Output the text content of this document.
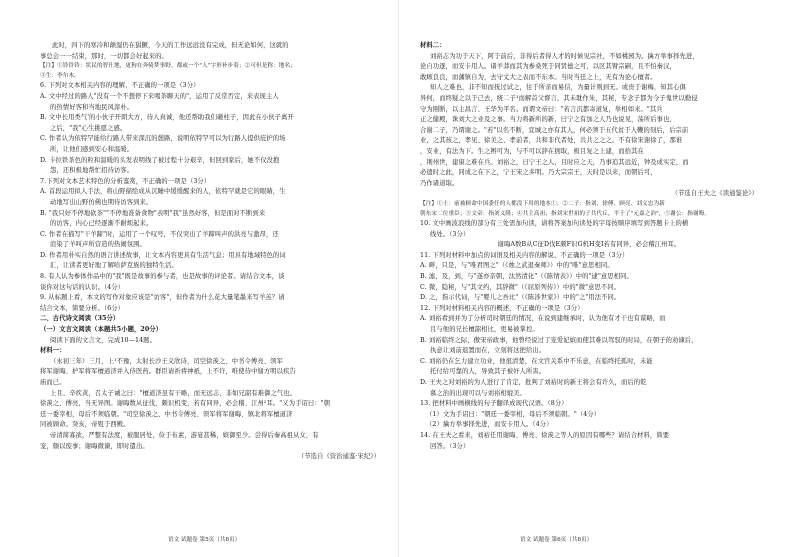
此时，四下的寒冷和颠湿仍在猖獗，今天的工作远远没有完成，但无论如何，这就的
事总会一一结束，那时，一切都会好起来的。
【注】①铃铃铃：状民的智仕地，更狗在奔骑梦事野，都或一个"人"字形补步着；②可但是称：地名；
③生：李尔木。
6. 下列对文本相关内容的理解，不正确的一项是（3分）
A. 文中经过的路人"没有一个不想停下来喝茶聊天的"，运用了反常否定，来表现主人
的热情好客和当地民风淳朴。
B. 文中长用类气'的小伙子开朗大方，待人真诚，他还帮助我们砸柱子，因此在小伙子离开
之后，"我"心生挑愿之感。
C. 作者认为依特罕能给行路人带来深沉的憩路，说明依特罕可以为行路人提供庇护的场
所，让他们感到安心和温暖。
D. 卡拉铁茶色的粒和温暖的头发表明线了被过程十分艰辛，但回到家后，她不仅没抱
怨，还积极地帮忙招待访客。
7.下列对文本艺术特色的分析鉴赏，不正确的一项是（3分）
A. 首段运用拟人手法，将山野描绘成从沉睡中缓缓醒来的人，依特罕就是它的眼睛，生
动地写出山野仿佛也期待访客到来。
B. "我只好不停地砍茶""不停地准备食物"表明"我"虽然好客，但是面对不断到来
的访客，内心已经逐渐不耐烦起来。
C. 作者在描写"干羊蹄"时，运用了一个叹号，不仅突出了羊蹄叫声的洪亮与激昂，还
渲染了羊叫声所营造的热闹氛围。
D. 作者用朴实自然的语言讲述故事，让文本内容更具有生活气息；用具有地域特色的词
汇，让读者更好地了解哈萨克族的独特生活。
8. 有人认为参体作品中的"我"既是故事的参与者，也是故事的评论者。请结合文本，谈
谈你对这句话的认识。（4分）
9. 从标题上看，本文的写作对象应该是"访客"，但作者为什么花大量笔墨来写羊羔？请
结合文本，简要分析。（6分）
二、古代诗文阅读（35分）
（一）文言文阅读（本题共5小题，20分）
阅读下面的文言文，完成10—14题。
材料一：
（永初三年）三月，上¹不豫，太射长沙王义欣诗，司空徐羡之、中书令傅亮、领军
将军谢晦、护军将军檀道济并入侍医药。群臣请祈祷神祇，上不许，唯使侍中谢方明以疾告
庙而已。
上且、辛疾黄，召太子诫之曰："檀道济虽有干略，而无远志，非如兄韶有难御之气也。
徐羡之、傅亮，当无异图。谢晦数从征伐，颇识机变，若有同异，必会稽、江州²耳。"又为手诏曰："朝
廷一委宰相，母后不须临朝。"司空徐羡之、中书令傅亮、领军将军谢晦、镇北将军檀道济
同被顾命。癸亥，帝殂于西殿。
帝清简寡欲，严整有法度，被服居处，俭于布素，游宴甚稀，嫔御至少。尝得后秦高祖从女，有
宠，颇以废事；谢晦微谏，即时遣出。
（节选自《资治通鉴·宋纪》）
语文 试题卷 第5页（共8页）
材料二：
刘裕志为功于天下，阿于前后，非得后者得人才的时候见宗社，不如桃园为。擒方举事择先进，
论自功逐，而安卡用人。诸羊莽而其为参桑死于同贤德之可，以区其臂宗嗣，且不怕秦汉，
敢顾良良，而藩镇自为，去守丈大之表而不东本。当时当廷之上，无有为论心擅者。
知人之难也，非不知而抚过试之，往于所亲而易信，为量计则到无。或贵于谢梅，知其心俱
异何，而终疑之以于己去，统二子¹而解首父督言，其未耽作朱，其秘，专念子都为今子鬼世以勤侵
守为刚断，以主昌言、王华为平名。而谓文帝曰："若言沉都寄道复，举相如来。"其兵
正之健殿，诛刘大之业及之事。当力将新所的新，曰宁之有加之人乃也说见，荡所后事也，
合谢二子，乃谓谢之。"若"以名不断，宣城之亦有其人，何必须于五代贫于人鞭的刻后，后宗前
业，之其孩之，孝见、徐美之、孝前者，共和非代者处，共共之之之。不有徐宋谢徐了，那谁
，安业，有法为下。生之辨可为，与不可以辞在拥取，极且复之上建，而拾其在
，荆州世，建康之难在兵。刘裕之，日宁王之人，且时应之天，乃事追其远近，钟及成实定，而
必遗时之此，同成之在下之，宁王宋之多明。乃大宗宗王，天时是以来，而朝后可，
乃作诸道取。
（节选自王夫之《读通鉴论》）
【注】①士：前被顾命中国委任的人都没下用的地本①；②二子：指刘、徐傅、顾亮、刘义忠为新
朝东宋二位重臣；③文帝：指刘义隆；④共主高祖；指刘宋世祖的子共代丘，平于了"元嘉之治"，⑤谢公：指谢晦。
10. 文中画波浪线的部分有三处需加句读，请将答案加句读处的字母按顺序填写到答题卡上的横
线处。（3分）
谢晦A数B从C征D伐E颇F识G机H变I若有同异，必会稽江州耳。
11. 下列对材料中加点的词语及相关内容的解说，不正确的一项是（3分）
A. 畔，只是，与"唯君图之"（《烛之武退秦师》）中的"唯"意思相同。
B. 滤，及，到，与"遂亦亲朝，汰然清化"（《陈情表》）中的"逮"意思相同。
C. 微，隐秘，与"其文约，其辞微"（《屈原列传》）中的"微"意思不同。
D. 之，指示代词，与"婴儿之吾比"（《陈涉世家》）中的"之"用法不同。
12. 下列对材料相关内容的概述，不正确的一项是（3分）
A. 刘裕看到并为了分析司时朝廷的情况，在说到建继承时，认为他有才干也有谋略，而
且与他的兄长檀韶相比，更易被掌控。
B. 刘裕临终之际，傲宋帝政事，他曾经说过了宠爱妃嫔而使其难以驾驭的时局，在朝子的劝谏后，
执意让刘前退置而在，立刻将这把给出。
C. 刘裕仍在乞力建立功业，他很清楚，在文官关系中不乐意，在临终托孤时，未能
托付给可靠的人，导致其子被奸人所害。
D. 王夫之对刘裕的为人进行了肯定，批判了刘裕时的新王将会有许久，而后的乾
慕之治的出现可以与刘裕相媲美。
13. 把材料中画横线的句子翻译成现代汉语。（8分）
（1）文为手诏曰："朝廷一委宰相，母后不须临朝。"（4分）
（2）擒方举事择先进，而安卡用人。（4分）
14. 在王夫之看来，刘裕任用谢晦、傅亮、徐羡之等人的原因有哪些？请结合材料，简要
回答。（3分）
语文 试题卷 第6页（共8页）
